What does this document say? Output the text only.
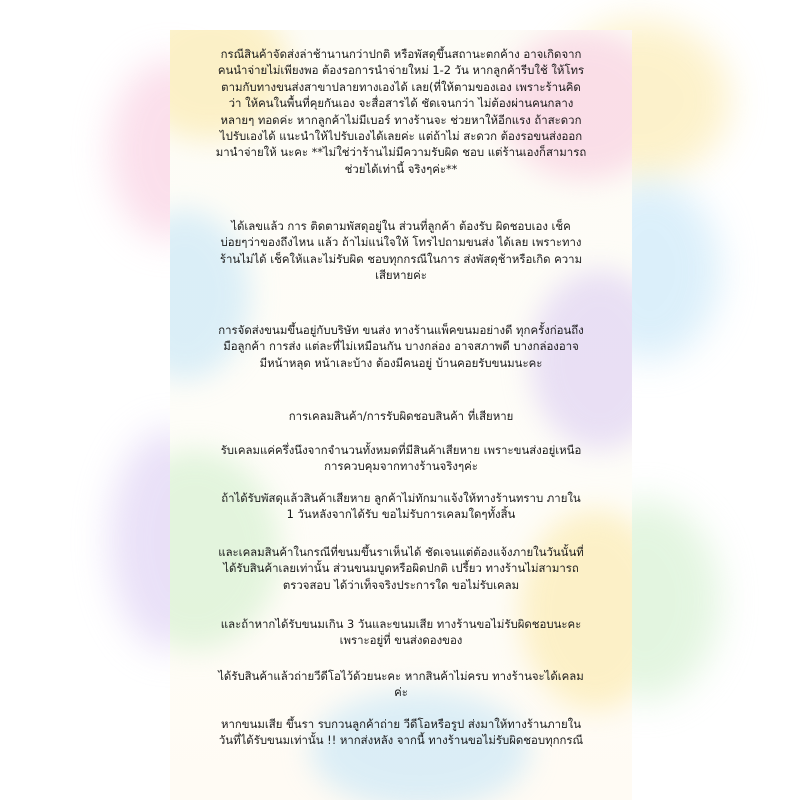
กรณีสินค้าจัดส่งล่าช้านานกว่าปกติ หรือพัสดุขึ้นสถานะตกค้าง อาจเกิดจาก
คนนำจ่ายไม่เพียงพอ ต้องรอการนำจ่ายใหม่ 1-2 วัน หากลูกค้ารีบใช้ ให้โทร
ตามกับทางขนส่งสาขาปลายทางเองได้ เลย(ที่ให้ตามของเอง เพราะร้านคิด
ว่า ให้คนในพื้นที่คุยกันเอง จะสื่อสารได้ ชัดเจนกว่า ไม่ต้องผ่านคนกลาง
หลายๆ ทอดค่ะ หากลูกค้าไม่มีเบอร์ ทางร้านจะ ช่วยหาให้อีกแรง ถ้าสะดวก
ไปรับเองได้ แนะนำให้ไปรับเองได้เลยค่ะ แต่ถ้าไม่ สะดวก ต้องรอขนส่งออก
มานำจ่ายให้ นะคะ **ไม่ใช่ว่าร้านไม่มีความรับผิด ชอบ แต่ร้านเองก็สามารถ
ช่วยได้เท่านี้ จริงๆค่ะ**

ได้เลขแล้ว การ ติดตามพัสดุอยู่ใน ส่วนที่ลูกค้า ต้องรับ ผิดชอบเอง เช็ค
บ่อยๆว่าของถึงไหน แล้ว ถ้าไม่แน่ใจให้ โทรไปถามขนส่ง ได้เลย เพราะทาง
ร้านไม่ได้ เช็คให้และไม่รับผิด ชอบทุกกรณีในการ ส่งพัสดุช้าหรือเกิด ความ
เสียหายค่ะ

การจัดส่งขนมขึ้นอยู่กับบริษัท ขนส่ง ทางร้านแพ็คขนมอย่างดี ทุกครั้งก่อนถึง
มือลูกค้า การส่ง แต่ละที่ไม่เหมือนกัน บางกล่อง อาจสภาพดี บางกล่องอาจ
มีหน้าหลุด หน้าเละบ้าง ต้องมีคนอยู่ บ้านคอยรับขนมนะคะ

การเคลมสินค้า/การรับผิดชอบสินค้า ที่เสียหาย

รับเคลมแค่ครึ่งนึงจากจำนวนทั้งหมดที่มีสินค้าเสียหาย เพราะขนส่งอยู่เหนือ
การควบคุมจากทางร้านจริงๆค่ะ

ถ้าได้รับพัสดุแล้วสินค้าเสียหาย ลูกค้าไม่ทักมาแจ้งให้ทางร้านทราบ ภายใน
1 วันหลังจากได้รับ ขอไม่รับการเคลมใดๆทั้งสิ้น

และเคลมสินค้าในกรณีที่ขนมขึ้นราเห็นได้ ชัดเจนแต่ต้องแจ้งภายในวันนั้นที่
ได้รับสินค้าเลยเท่านั้น ส่วนขนมบูดหรือผิดปกติ เปรี้ยว ทางร้านไม่สามารถ
ตรวจสอบ ได้ว่าเท็จจริงประการใด ขอไม่รับเคลม

และถ้าหากได้รับขนมเกิน 3 วันและขนมเสีย ทางร้านขอไม่รับผิดชอบนะคะ
เพราะอยู่ที่ ขนส่งดองของ

ได้รับสินค้าแล้วถ่ายวีดีโอไว้ด้วยนะคะ หากสินค้าไม่ครบ ทางร้านจะได้เคลม
ค่ะ

หากขนมเสีย ขึ้นรา รบกวนลูกค้าถ่าย วีดีโอหรือรูป ส่งมาให้ทางร้านภายใน
วันที่ได้รับขนมเท่านั้น !! หากส่งหลัง จากนี้ ทางร้านขอไม่รับผิดชอบทุกกรณี
